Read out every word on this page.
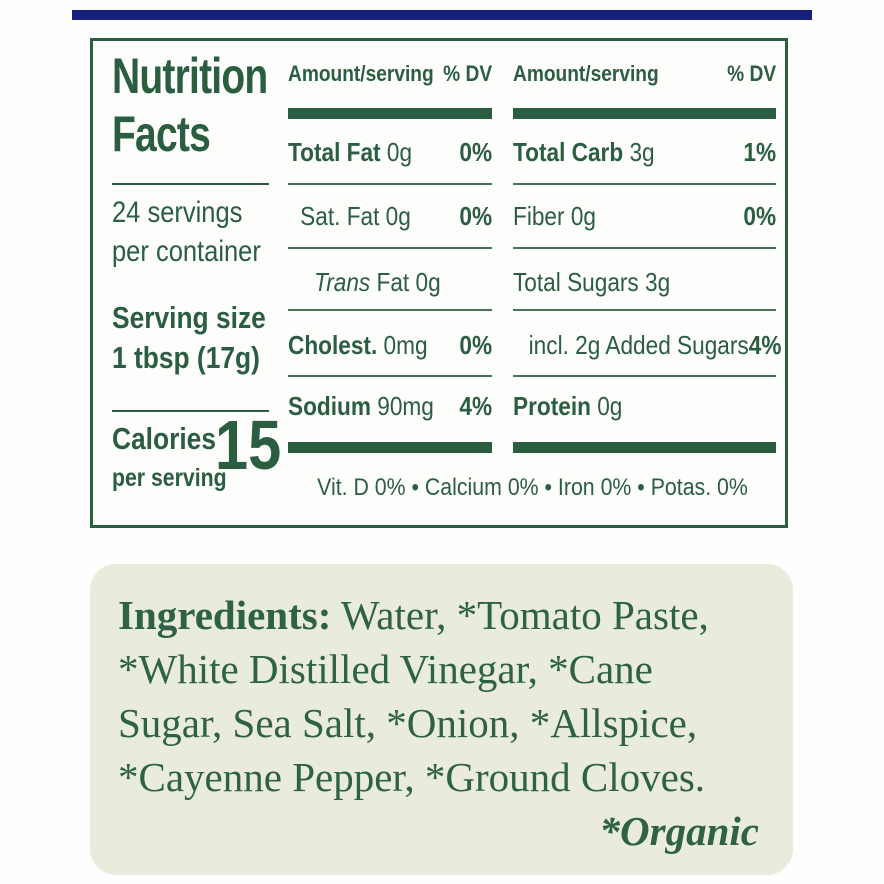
Nutrition
Facts
24 servings
per container
Serving size
1 tbsp (17g)
Calories
per serving
15
Amount/serving % DV
Total Fat 0g 0%
Sat. Fat 0g 0%
Trans Fat 0g
Cholest. 0mg 0%
Sodium 90mg 4%
Amount/serving	% DV
Total Carb 3g	1%
Fiber 0g	0%
Total Sugars 3g
incl. 2g Added Sugars 4%
Protein 0g
Vit. D 0% • Calcium 0% • Iron 0% • Potas. 0%
Ingredients: Water, *Tomato Paste,
*White Distilled Vinegar, *Cane
Sugar, Sea Salt, *Onion, *Allspice,
*Cayenne Pepper, *Ground Cloves.
*Organic
